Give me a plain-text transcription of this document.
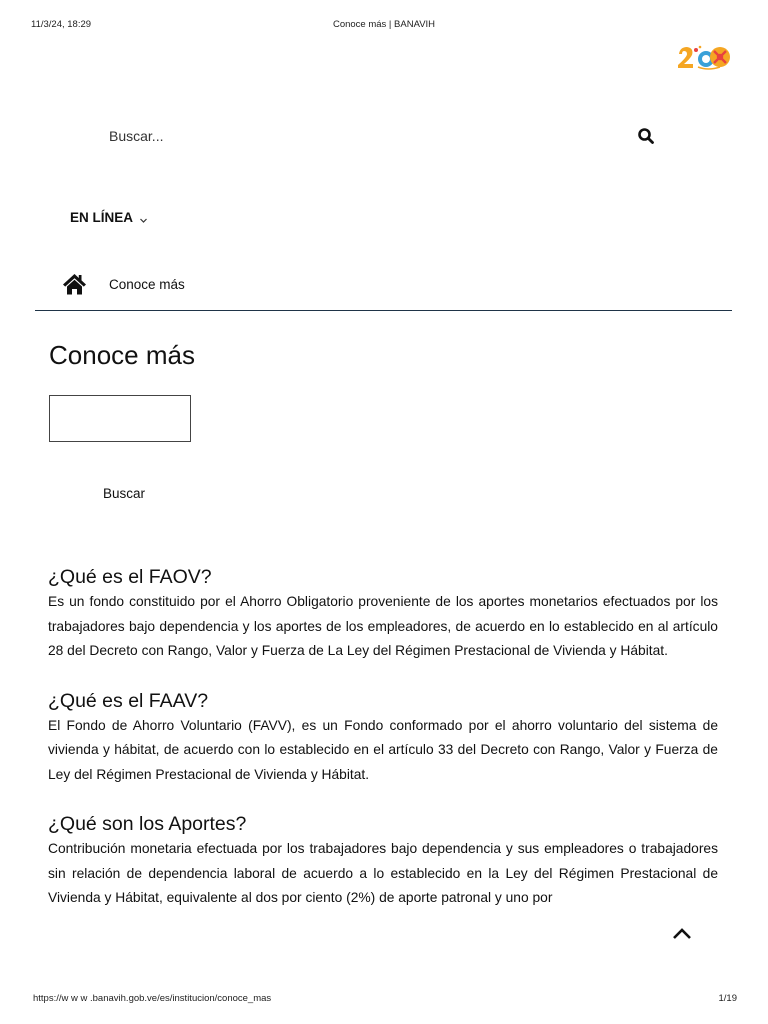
11/3/24, 18:29	Conoce más | BANAVIH
Buscar...
EN LÍNEA
Conoce más
Conoce más
Buscar
¿Qué es el FAOV?

Es un fondo constituido por el Ahorro Obligatorio proveniente de los aportes monetarios efectuados por los trabajadores bajo dependencia y los aportes de los empleadores, de acuerdo en lo establecido en al artículo 28 del Decreto con Rango, Valor y Fuerza de La Ley del Régimen Prestacional de Vivienda y Hábitat.

¿Qué es el FAAV?

El Fondo de Ahorro Voluntario (FAVV), es un Fondo conformado por el ahorro voluntario del sistema de vivienda y hábitat, de acuerdo con lo establecido en el artículo 33 del Decreto con Rango, Valor y Fuerza de Ley del Régimen Prestacional de Vivienda y Hábitat.

¿Qué son los Aportes?

Contribución monetaria efectuada por los trabajadores bajo dependencia y sus empleadores o trabajadores sin relación de dependencia laboral de acuerdo a lo establecido en la Ley del Régimen Prestacional de Vivienda y Hábitat, equivalente al dos por ciento (2%) de aporte patronal y uno por

https://w w w .banavih.gob.ve/es/institucion/conoce_mas	1/19
